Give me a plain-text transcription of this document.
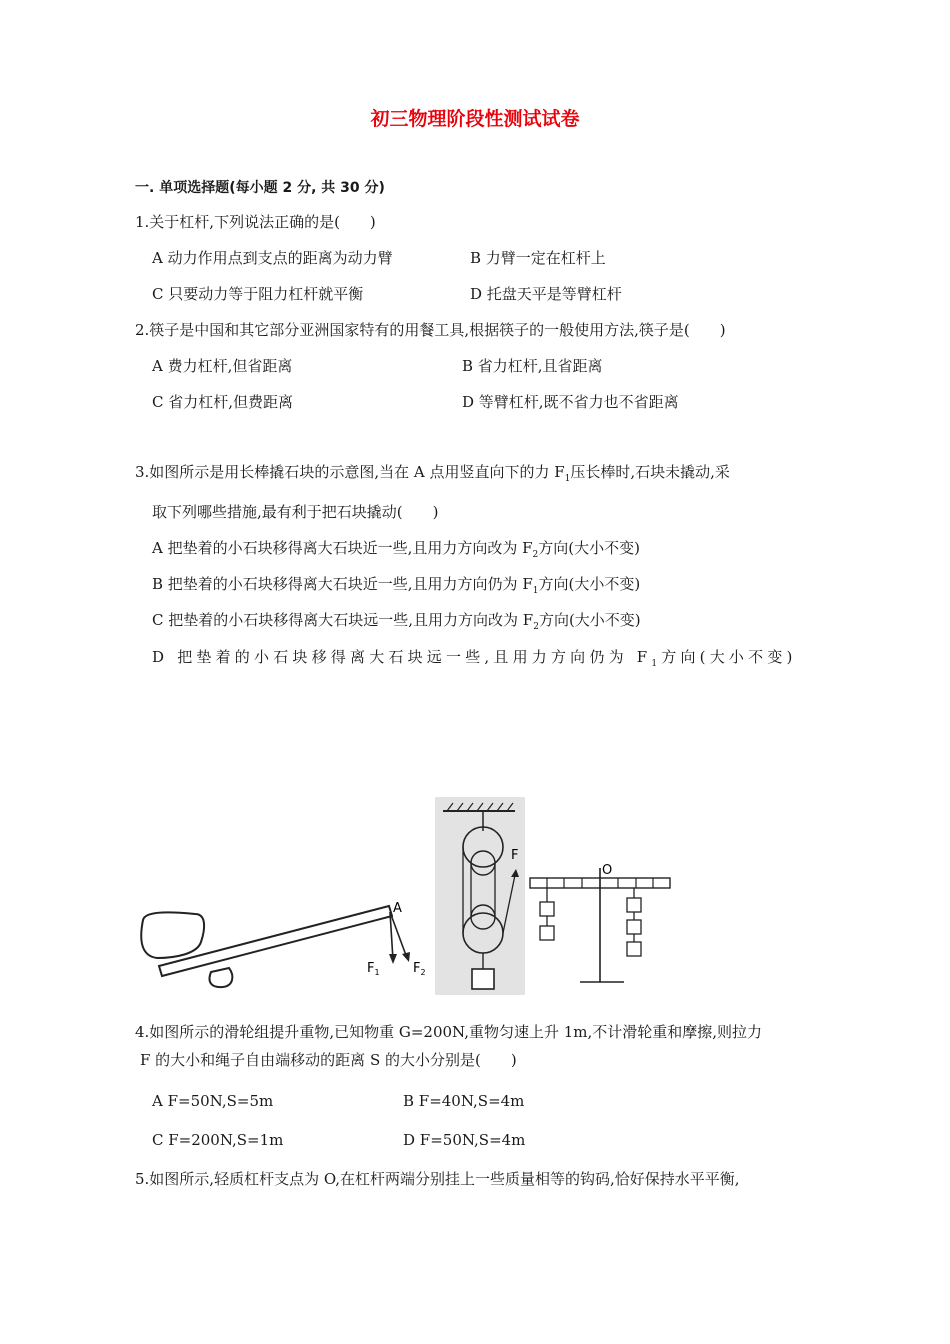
初三物理阶段性测试试卷
一. 单项选择题(每小题 2 分, 共 30 分)
1.关于杠杆,下列说法正确的是(　　)
A 动力作用点到支点的距离为动力臂	B 力臂一定在杠杆上
C 只要动力等于阻力杠杆就平衡	D 托盘天平是等臂杠杆
2.筷子是中国和其它部分亚洲国家特有的用餐工具,根据筷子的一般使用方法,筷子是(　　)
A 费力杠杆,但省距离	B 省力杠杆,且省距离
C 省力杠杆,但费距离	D 等臂杠杆,既不省力也不省距离
3.如图所示是用长棒撬石块的示意图,当在 A 点用竖直向下的力 $F_1$压长棒时,石块未撬动,采
取下列哪些措施,最有利于把石块撬动(　　)
A 把垫着的小石块移得离大石块近一些,且用力方向改为 $F_2$方向(大小不变)
B 把垫着的小石块移得离大石块近一些,且用力方向仍为 $F_1$方向(大小不变)
C 把垫着的小石块移得离大石块远一些,且用力方向改为 $F_2$方向(大小不变)
D 把垫着的小石块移得离大石块远一些,且用力方向仍为 $F_1$方向(大小不变)
A
$F_1$	$F_2$
F
O
4.如图所示的滑轮组提升重物,已知物重 G=200N,重物匀速上升 1m,不计滑轮重和摩擦,则拉力
F 的大小和绳子自由端移动的距离 S 的大小分别是(　　)
A F=50N,S=5m	B F=40N,S=4m
C F=200N,S=1m	D F=50N,S=4m
5.如图所示,轻质杠杆支点为 O,在杠杆两端分别挂上一些质量相等的钩码,恰好保持水平平衡,
